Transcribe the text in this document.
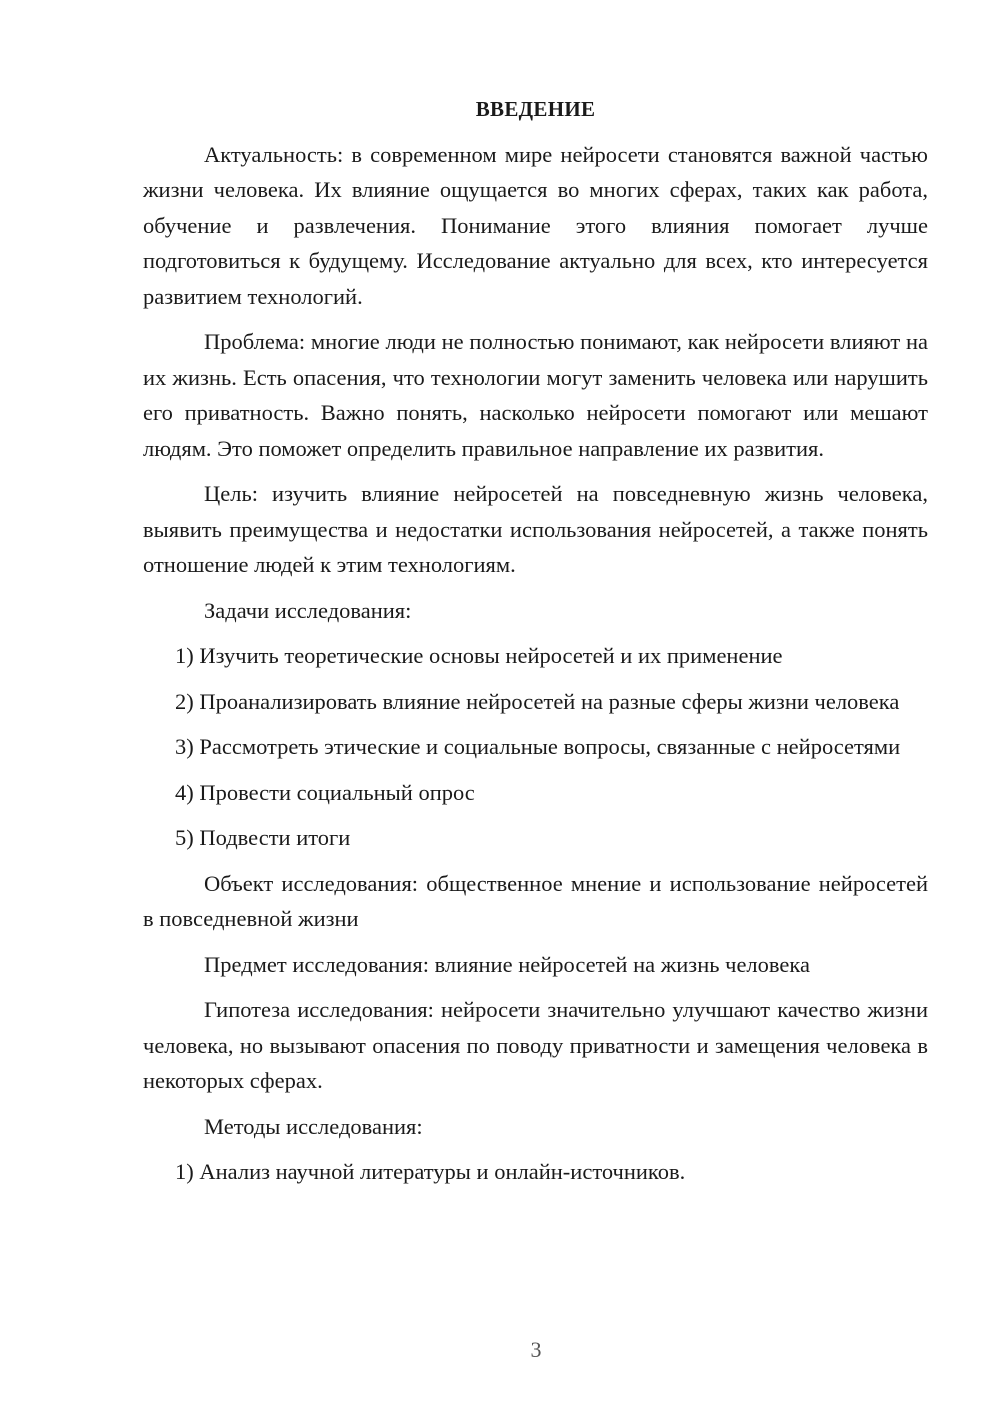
ВВЕДЕНИЕ

Актуальность: в современном мире нейросети становятся важной частью жизни человека. Их влияние ощущается во многих сферах, таких как работа, обучение и развлечения. Понимание этого влияния помогает лучше подготовиться к будущему. Исследование актуально для всех, кто интересуется развитием технологий.

Проблема: многие люди не полностью понимают, как нейросети влияют на их жизнь. Есть опасения, что технологии могут заменить человека или нарушить его приватность. Важно понять, насколько нейросети помогают или мешают людям. Это поможет определить правильное направление их развития.

Цель: изучить влияние нейросетей на повседневную жизнь человека, выявить преимущества и недостатки использования нейросетей, а также понять отношение людей к этим технологиям.

Задачи исследования:

1) Изучить теоретические основы нейросетей и их применение

2) Проанализировать влияние нейросетей на разные сферы жизни человека

3) Рассмотреть этические и социальные вопросы, связанные с нейросетями

4) Провести социальный опрос

5) Подвести итоги

Объект исследования: общественное мнение и использование нейросетей в повседневной жизни

Предмет исследования: влияние нейросетей на жизнь человека

Гипотеза исследования: нейросети значительно улучшают качество жизни человека, но вызывают опасения по поводу приватности и замещения человека в некоторых сферах.

Методы исследования:

1) Анализ научной литературы и онлайн-источников.

3
